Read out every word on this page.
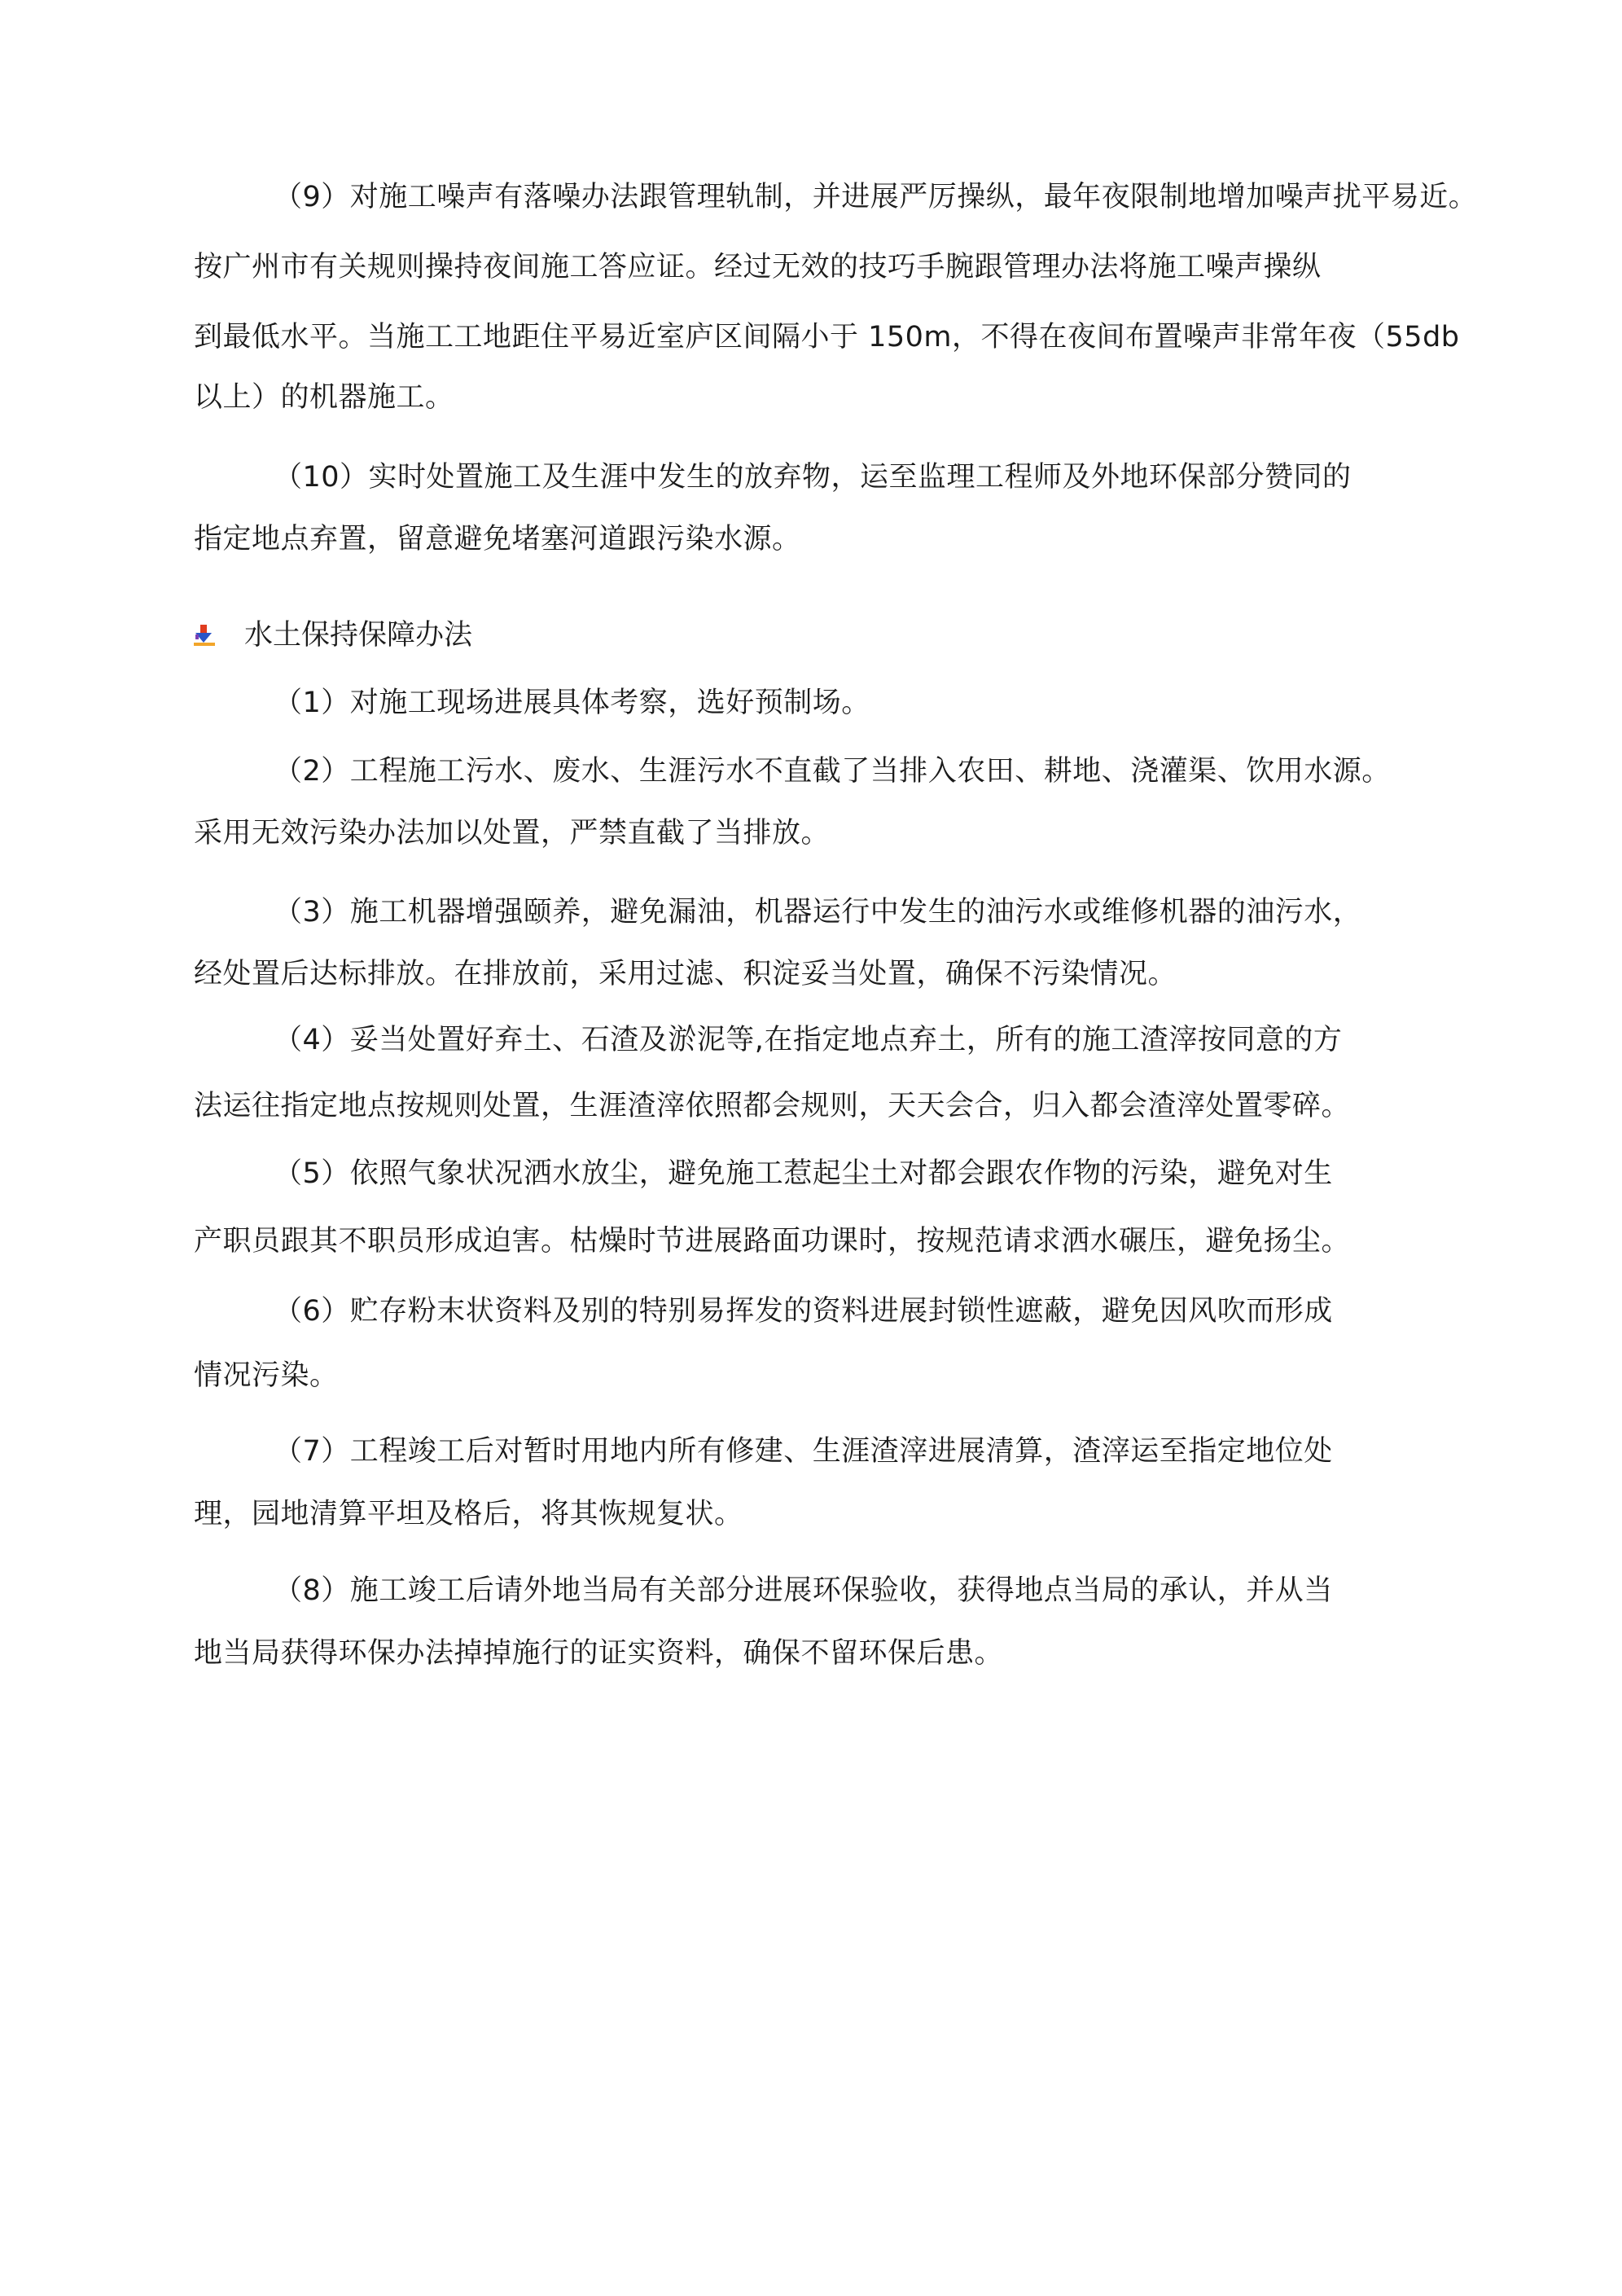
（9）对施工噪声有落噪办法跟管理轨制，并进展严厉操纵，最年夜限制地增加噪声扰平易近。
按广州市有关规则操持夜间施工答应证。经过无效的技巧手腕跟管理办法将施工噪声操纵
到最低水平。当施工工地距住平易近室庐区间隔小于 150m，不得在夜间布置噪声非常年夜（55db
以上）的机器施工。
（10）实时处置施工及生涯中发生的放弃物，运至监理工程师及外地环保部分赞同的
指定地点弃置，留意避免堵塞河道跟污染水源。
水土保持保障办法
（1）对施工现场进展具体考察，选好预制场。
（2）工程施工污水、废水、生涯污水不直截了当排入农田、耕地、浇灌渠、饮用水源。
采用无效污染办法加以处置，严禁直截了当排放。
（3）施工机器增强颐养，避免漏油，机器运行中发生的油污水或维修机器的油污水，
经处置后达标排放。在排放前，采用过滤、积淀妥当处置，确保不污染情况。
（4）妥当处置好弃土、石渣及淤泥等,在指定地点弃土，所有的施工渣滓按同意的方
法运往指定地点按规则处置，生涯渣滓依照都会规则，天天会合，归入都会渣滓处置零碎。
（5）依照气象状况洒水放尘，避免施工惹起尘土对都会跟农作物的污染，避免对生
产职员跟其不职员形成迫害。枯燥时节进展路面功课时，按规范请求洒水碾压，避免扬尘。
（6）贮存粉末状资料及别的特别易挥发的资料进展封锁性遮蔽，避免因风吹而形成
情况污染。
（7）工程竣工后对暂时用地内所有修建、生涯渣滓进展清算，渣滓运至指定地位处
理，园地清算平坦及格后，将其恢规复状。
（8）施工竣工后请外地当局有关部分进展环保验收，获得地点当局的承认，并从当
地当局获得环保办法掉掉施行的证实资料，确保不留环保后患。
